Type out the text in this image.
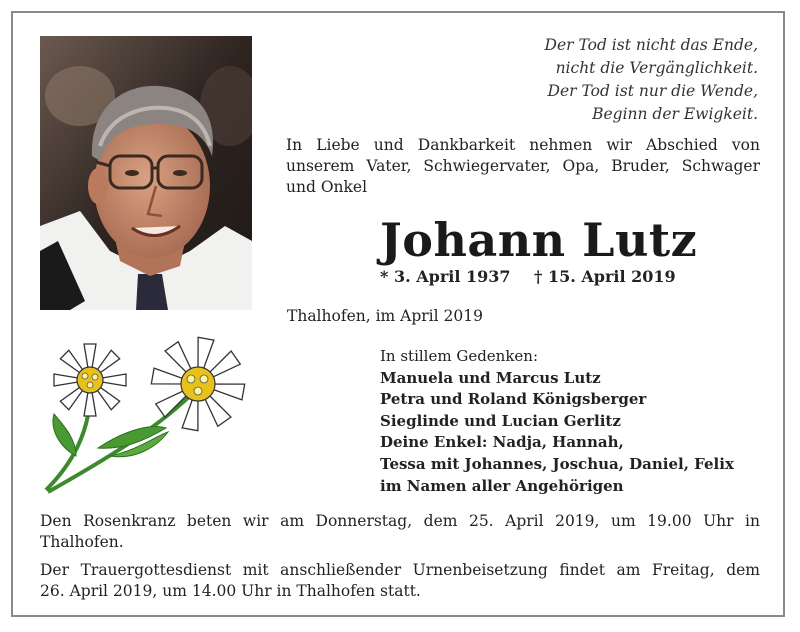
Der Tod ist nicht das Ende,
nicht die Vergänglichkeit.
Der Tod ist nur die Wende,
Beginn der Ewigkeit.
In Liebe und Dankbarkeit nehmen wir Abschied von
unserem Vater, Schwiegervater, Opa, Bruder, Schwager
und Onkel
Johann Lutz
* 3. April 1937 † 15. April 2019
Thalhofen, im April 2019
In stillem Gedenken:
Manuela und Marcus Lutz
Petra und Roland Königsberger
Sieglinde und Lucian Gerlitz
Deine Enkel: Nadja, Hannah,
Tessa mit Johannes, Joschua, Daniel, Felix
im Namen aller Angehörigen
Den Rosenkranz beten wir am Donnerstag, dem 25. April 2019, um 19.00 Uhr in
Thalhofen.
Der Trauergottesdienst mit anschließender Urnenbeisetzung findet am Freitag, dem
26. April 2019, um 14.00 Uhr in Thalhofen statt.
